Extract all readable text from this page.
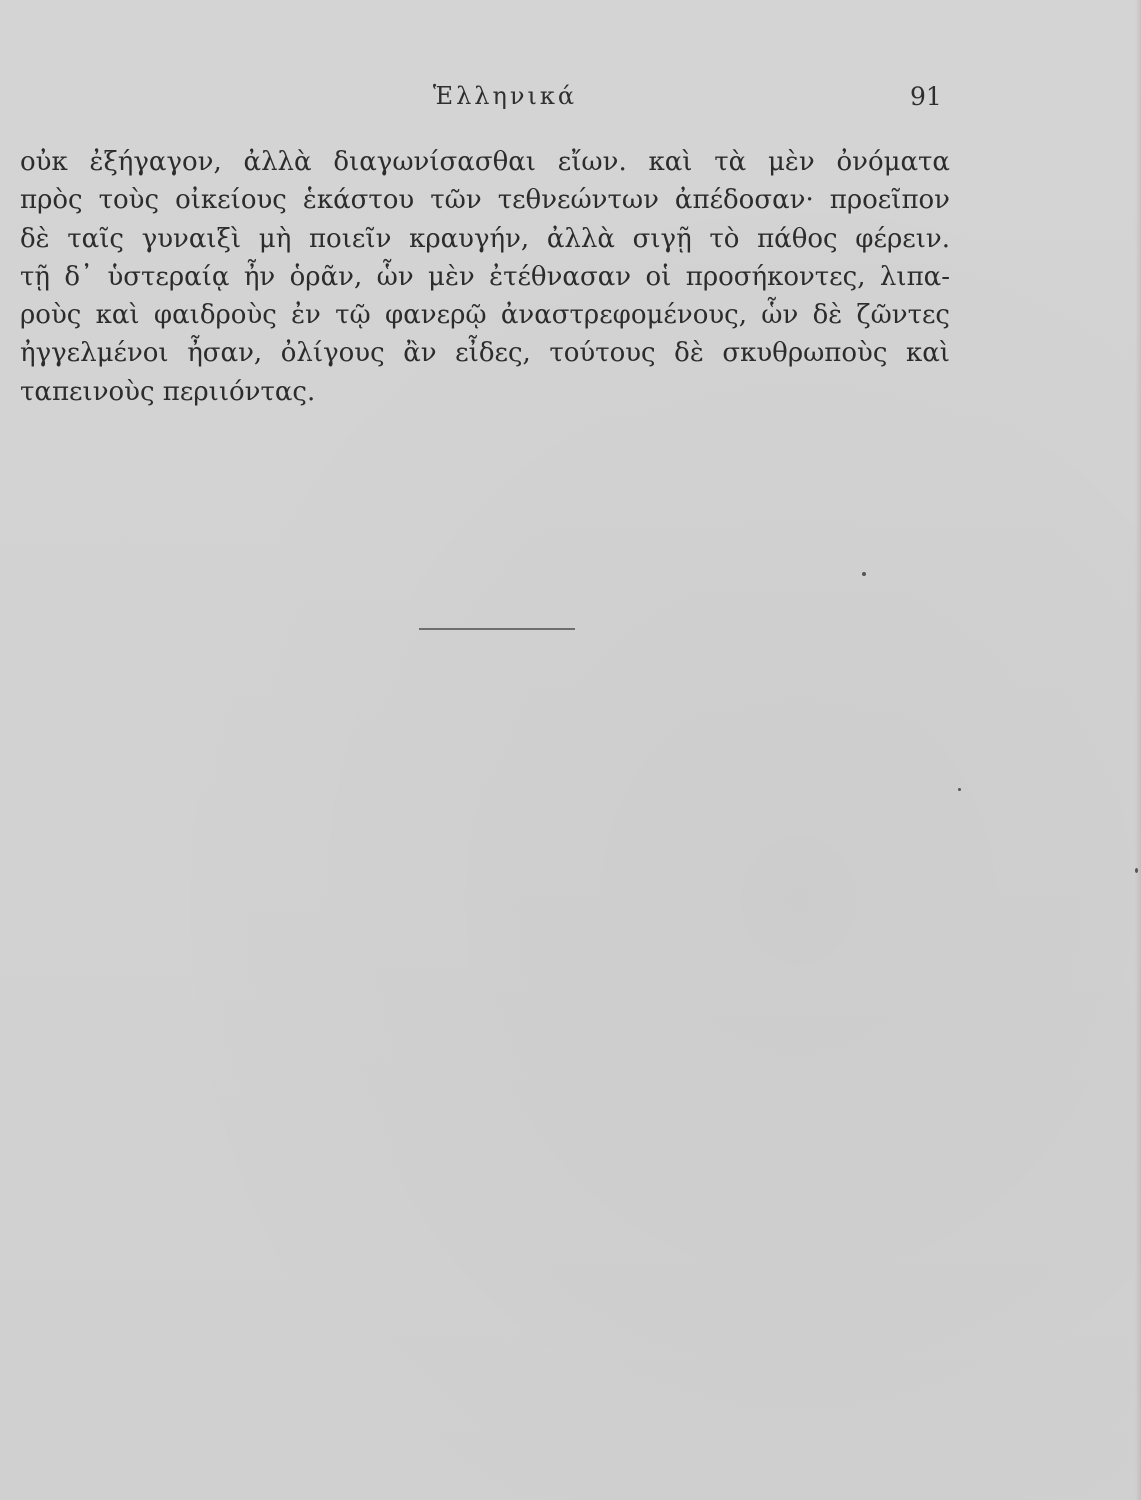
Ἑλληνικά	91
οὐκ ἐξήγαγον, ἀλλὰ διαγωνίσασθαι εἴων. καὶ τὰ μὲν ὀνόματα
πρὸς τοὺς οἰκείους ἑκάστου τῶν τεθνεώντων ἀπέδοσαν· προεῖπον
δὲ ταῖς γυναιξὶ μὴ ποιεῖν κραυγήν, ἀλλὰ σιγῇ τὸ πάθος φέρειν.
τῇ δ᾽ ὑστεραίᾳ ἦν ὁρᾶν, ὧν μὲν ἐτέθνασαν οἱ προσήκοντες, λιπα-
ροὺς καὶ φαιδροὺς ἐν τῷ φανερῷ ἀναστρεφομένους, ὧν δὲ ζῶντες
ἠγγελμένοι ἦσαν, ὀλίγους ἂν εἶδες, τούτους δὲ σκυθρωποὺς καὶ
ταπεινοὺς περιιόντας.
